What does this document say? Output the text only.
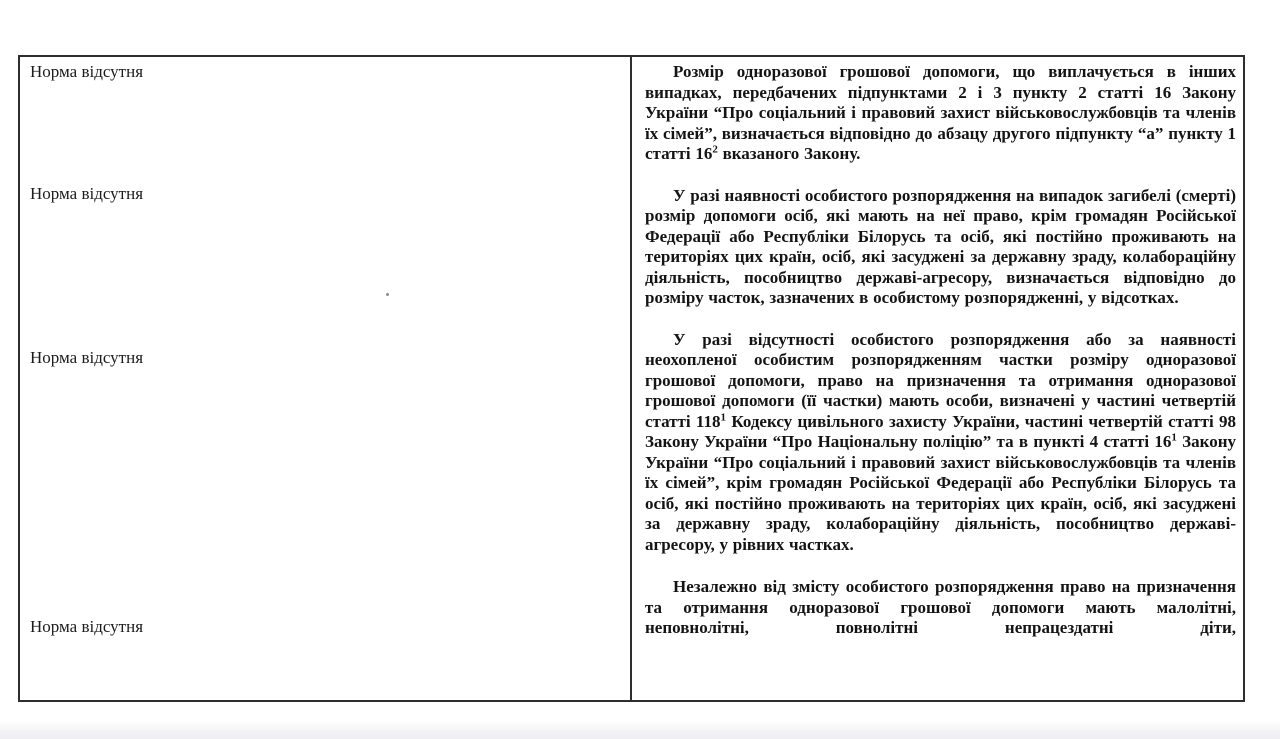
Норма відсутня
Норма відсутня
Норма відсутня
Норма відсутня

Розмір одноразової грошової допомоги, що виплачується в інших випадках, передбачених підпунктами 2 і 3 пункту 2 статті 16 Закону України “Про соціальний і правовий захист військовослужбовців та членів їх сімей”, визначається відповідно до абзацу другого підпункту “а” пункту 1 статті $16^2$ вказаного Закону.

У разі наявності особистого розпорядження на випадок загибелі (смерті) розмір допомоги осіб, які мають на неї право, крім громадян Російської Федерації або Республіки Білорусь та осіб, які постійно проживають на територіях цих країн, осіб, які засуджені за державну зраду, колабораційну діяльність, пособництво державі-агресору, визначається відповідно до розміру часток, зазначених в особистому розпорядженні, у відсотках.

У разі відсутності особистого розпорядження або за наявності неохопленої особистим розпорядженням частки розміру одноразової грошової допомоги, право на призначення та отримання одноразової грошової допомоги (її частки) мають особи, визначені у частині четвертій статті $118^1$ Кодексу цивільного захисту України, частині четвертій статті 98 Закону України “Про Національну поліцію” та в пункті 4 статті $16^1$ Закону України “Про соціальний і правовий захист військовослужбовців та членів їх сімей”, крім громадян Російської Федерації або Республіки Білорусь та осіб, які постійно проживають на територіях цих країн, осіб, які засуджені за державну зраду, колабораційну діяльність, пособництво державі-агресору, у рівних частках.

Незалежно від змісту особистого розпорядження право на призначення та отримання одноразової грошової допомоги мають малолітні, неповнолітні, повнолітні непрацездатні діти,
